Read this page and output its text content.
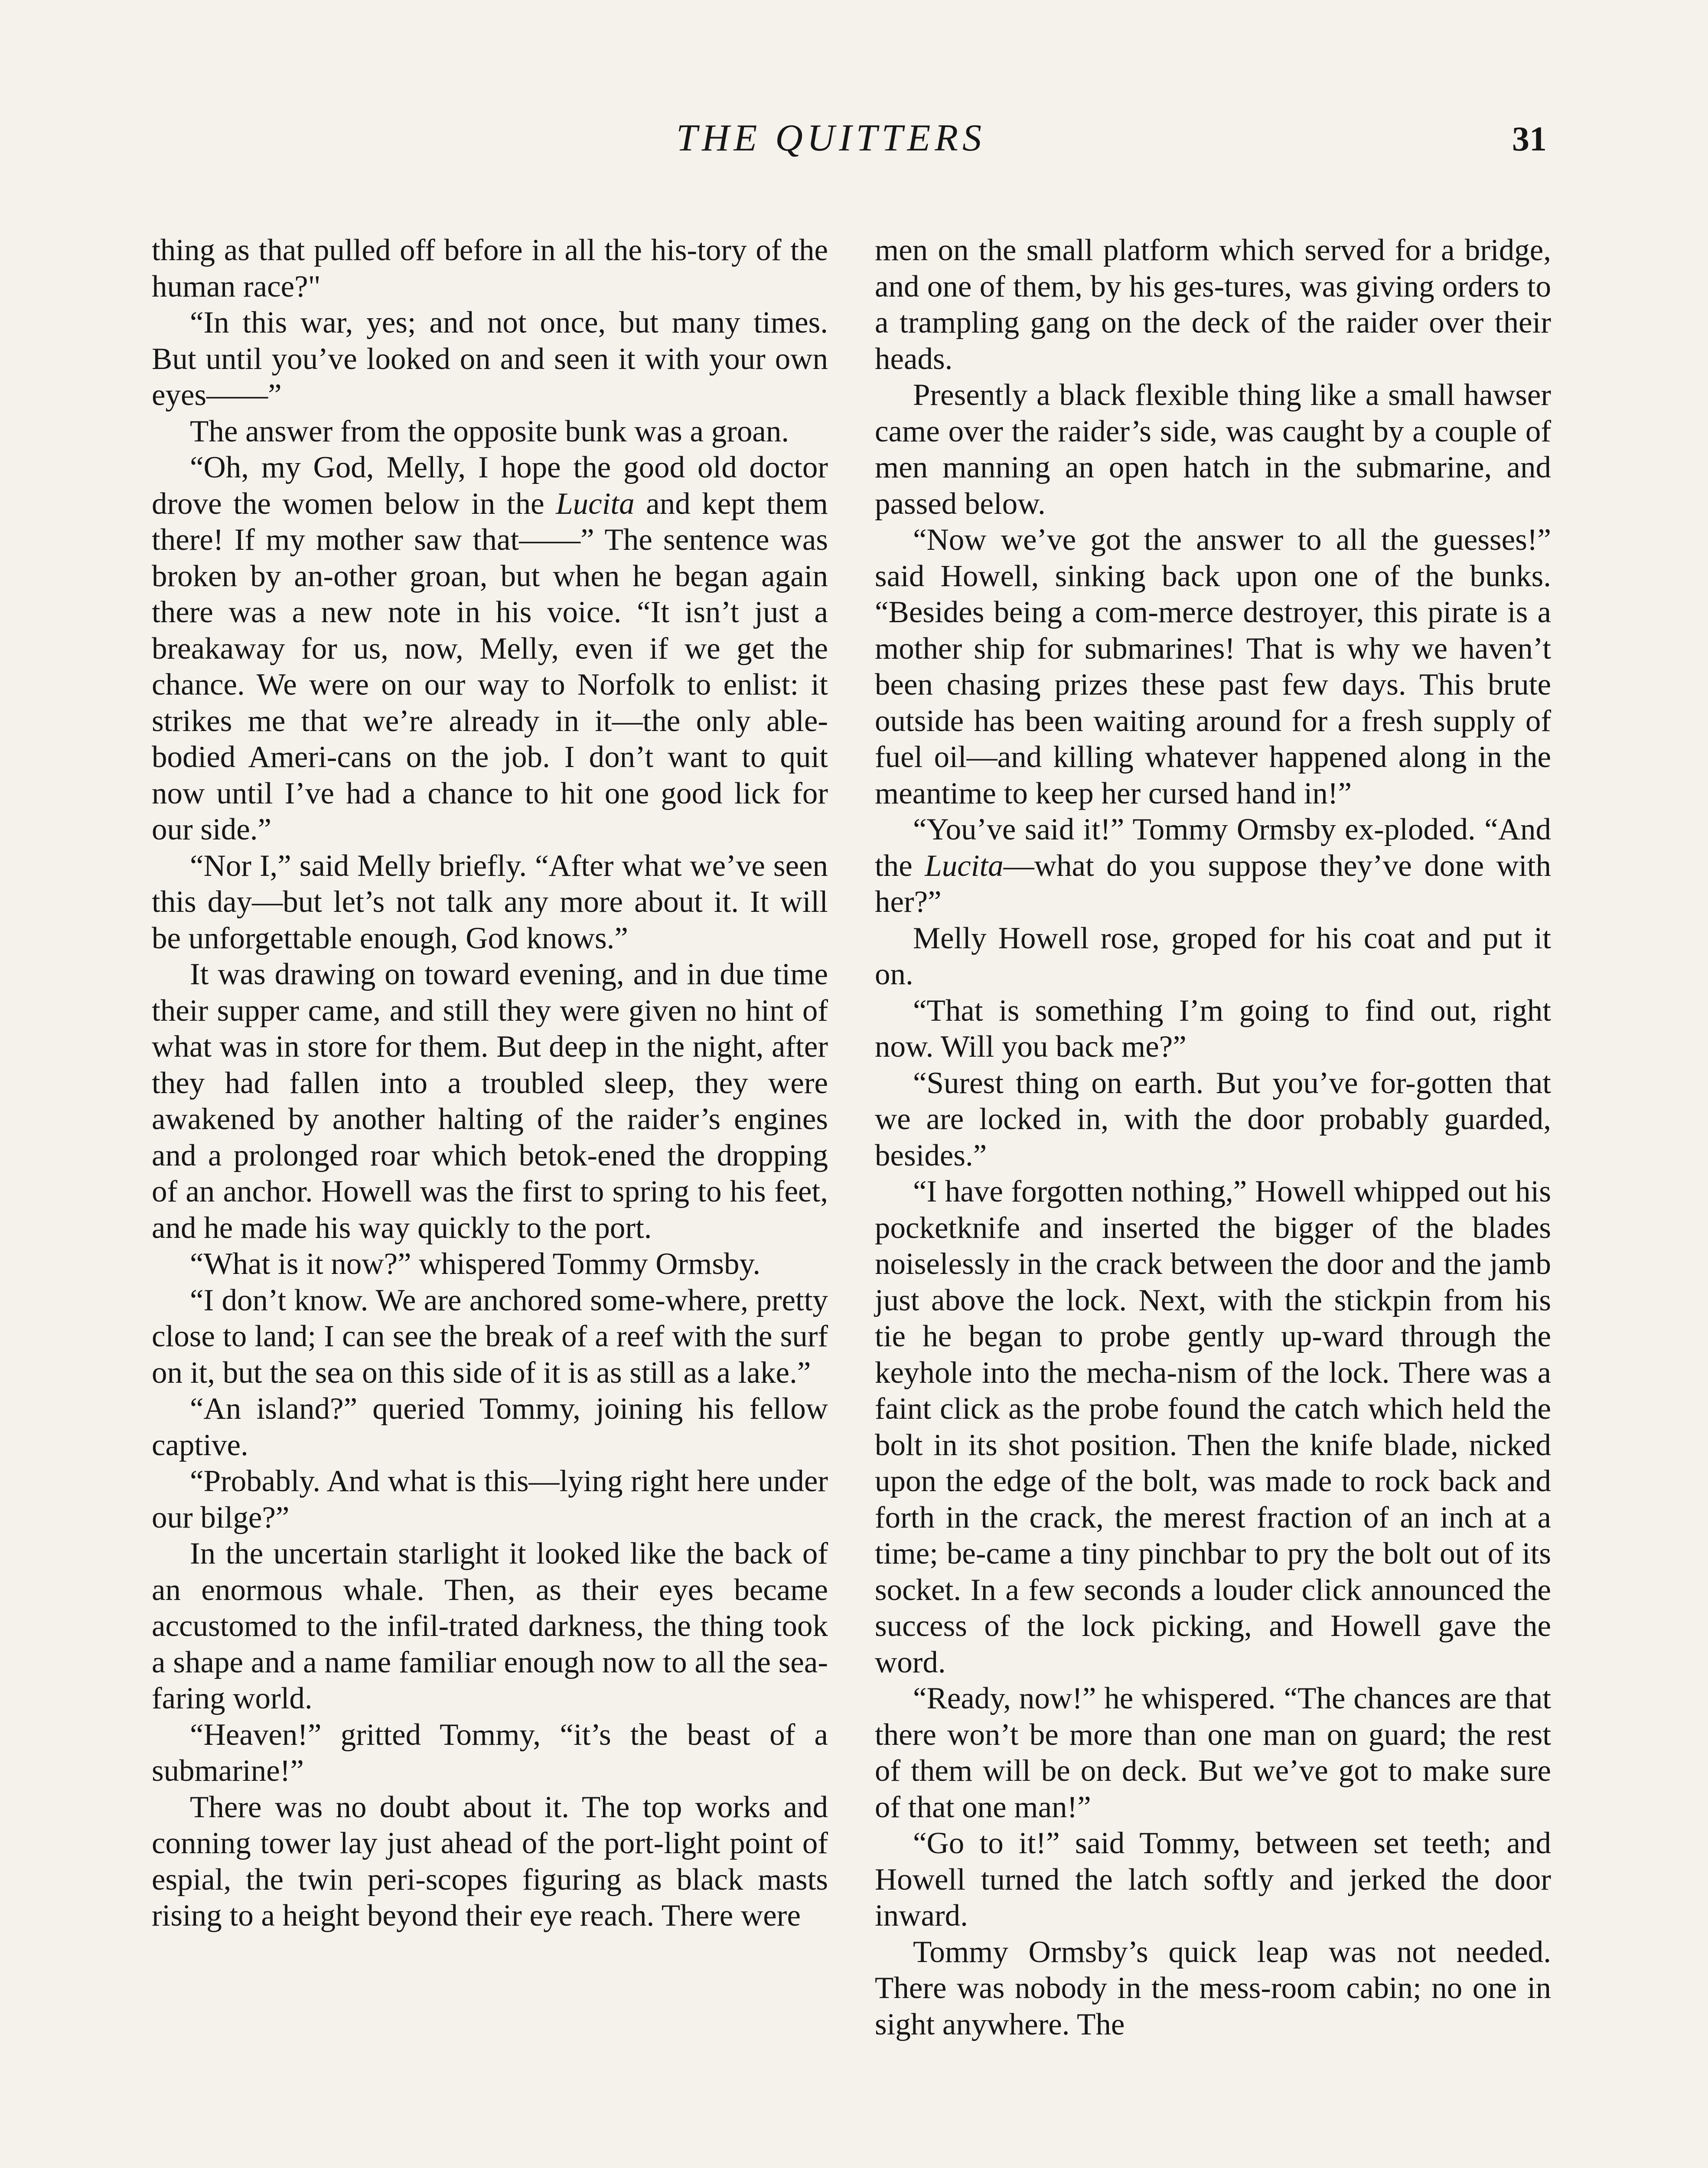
THE QUITTERS	31

thing as that pulled off before in all the his-tory of the human race?"

“In this war, yes; and not once, but many times. But until you’ve looked on and seen it with your own eyes——”

The answer from the opposite bunk was a groan.

“Oh, my God, Melly, I hope the good old doctor drove the women below in the Lucita and kept them there! If my mother saw that——” The sentence was broken by an-other groan, but when he began again there was a new note in his voice. “It isn’t just a breakaway for us, now, Melly, even if we get the chance. We were on our way to Norfolk to enlist: it strikes me that we’re already in it—the only able-bodied Ameri-cans on the job. I don’t want to quit now until I’ve had a chance to hit one good lick for our side.”

“Nor I,” said Melly briefly. “After what we’ve seen this day—but let’s not talk any more about it. It will be unforgettable enough, God knows.”

It was drawing on toward evening, and in due time their supper came, and still they were given no hint of what was in store for them. But deep in the night, after they had fallen into a troubled sleep, they were awakened by another halting of the raider’s engines and a prolonged roar which betok-ened the dropping of an anchor. Howell was the first to spring to his feet, and he made his way quickly to the port.

“What is it now?” whispered Tommy Ormsby.

“I don’t know. We are anchored some-where, pretty close to land; I can see the break of a reef with the surf on it, but the sea on this side of it is as still as a lake.”

“An island?” queried Tommy, joining his fellow captive.

“Probably. And what is this—lying right here under our bilge?”

In the uncertain starlight it looked like the back of an enormous whale. Then, as their eyes became accustomed to the infil-trated darkness, the thing took a shape and a name familiar enough now to all the sea-faring world.

“Heaven!” gritted Tommy, “it’s the beast of a submarine!”

There was no doubt about it. The top works and conning tower lay just ahead of the port-light point of espial, the twin peri-scopes figuring as black masts rising to a height beyond their eye reach. There were

men on the small platform which served for a bridge, and one of them, by his ges-tures, was giving orders to a trampling gang on the deck of the raider over their heads.

Presently a black flexible thing like a small hawser came over the raider’s side, was caught by a couple of men manning an open hatch in the submarine, and passed below.

“Now we’ve got the answer to all the guesses!” said Howell, sinking back upon one of the bunks. “Besides being a com-merce destroyer, this pirate is a mother ship for submarines! That is why we haven’t been chasing prizes these past few days. This brute outside has been waiting around for a fresh supply of fuel oil—and killing whatever happened along in the meantime to keep her cursed hand in!”

“You’ve said it!” Tommy Ormsby ex-ploded. “And the Lucita—what do you suppose they’ve done with her?”

Melly Howell rose, groped for his coat and put it on.

“That is something I’m going to find out, right now. Will you back me?”

“Surest thing on earth. But you’ve for-gotten that we are locked in, with the door probably guarded, besides.”

“I have forgotten nothing,” Howell whipped out his pocketknife and inserted the bigger of the blades noiselessly in the crack between the door and the jamb just above the lock. Next, with the stickpin from his tie he began to probe gently up-ward through the keyhole into the mecha-nism of the lock. There was a faint click as the probe found the catch which held the bolt in its shot position. Then the knife blade, nicked upon the edge of the bolt, was made to rock back and forth in the crack, the merest fraction of an inch at a time; be-came a tiny pinchbar to pry the bolt out of its socket. In a few seconds a louder click announced the success of the lock picking, and Howell gave the word.

“Ready, now!” he whispered. “The chances are that there won’t be more than one man on guard; the rest of them will be on deck. But we’ve got to make sure of that one man!”

“Go to it!” said Tommy, between set teeth; and Howell turned the latch softly and jerked the door inward.

Tommy Ormsby’s quick leap was not needed. There was nobody in the mess-room cabin; no one in sight anywhere. The
